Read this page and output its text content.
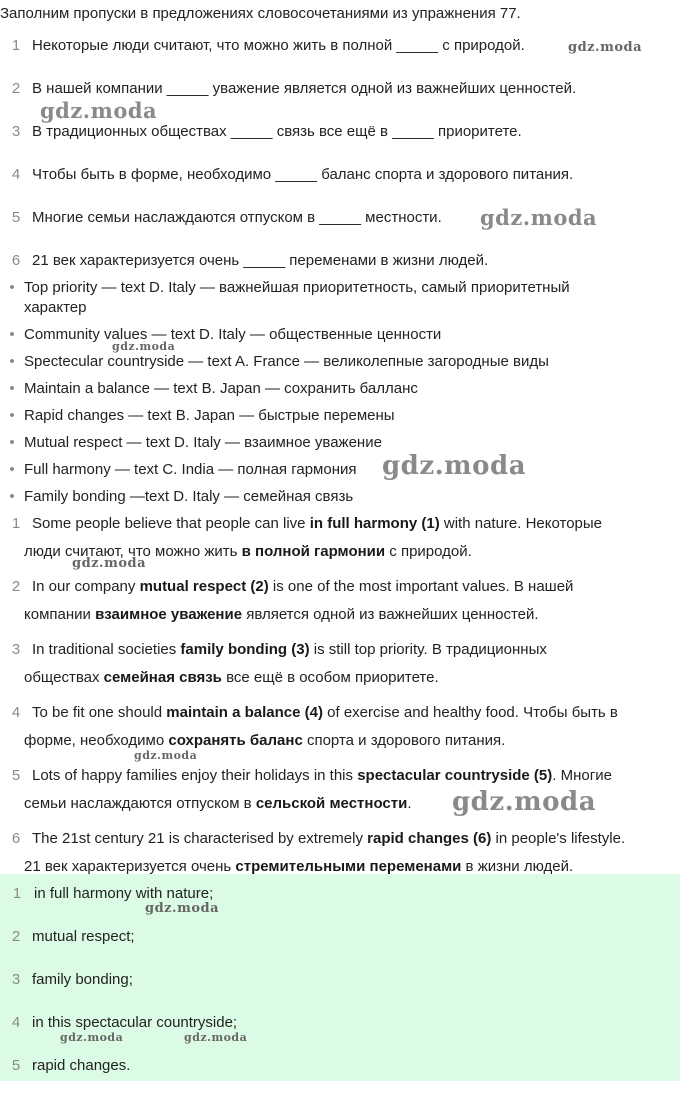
Заполним пропуски в предложениях словосочетаниями из упражнения 77.
1 Некоторые люди считают, что можно жить в полной _____ с природой.
2 В нашей компании _____ уважение является одной из важнейших ценностей.
3 В традиционных обществах _____ связь все ещё в _____ приоритете.
4 Чтобы быть в форме, необходимо _____ баланс спорта и здорового питания.
5 Многие семьи наслаждаются отпуском в _____ местности.
6 21 век характеризуется очень _____ переменами в жизни людей.
• Top priority — text D. Italy — важнейшая приоритетность, самый приоритетный
характер
• Community values — text D. Italy — общественные ценности
• Spectecular countryside — text A. France — великолепные загородные виды
• Maintain a balance — text B. Japan — сохранить балланс
• Rapid changes — text B. Japan — быстрые перемены
• Mutual respect — text D. Italy — взаимное уважение
• Full harmony — text C. India — полная гармония
• Family bonding —text D. Italy — семейная связь
1 Some people believe that people can live in full harmony (1) with nature. Некоторые
люди считают, что можно жить в полной гармонии с природой.
2 In our company mutual respect (2) is one of the most important values. В нашей
компании взаимное уважение является одной из важнейших ценностей.
3 In traditional societies family bonding (3) is still top priority. В традиционных
обществах семейная связь все ещё в особом приоритете.
4 To be fit one should maintain a balance (4) of exercise and healthy food. Чтобы быть в
форме, необходимо сохранять баланс спорта и здорового питания.
5 Lots of happy families enjoy their holidays in this spectacular countryside (5). Многие
семьи наслаждаются отпуском в сельской местности.
6 The 21st century 21 is characterised by extremely rapid changes (6) in people's lifestyle.
21 век характеризуется очень стремительными переменами в жизни людей.
1 in full harmony with nature;
2 mutual respect;
3 family bonding;
4 in this spectacular countryside;
5 rapid changes.
gdz.moda
gdz.moda
gdz.moda
gdz.moda
gdz.moda
gdz.moda
gdz.moda
gdz.moda
gdz.moda
gdz.moda	gdz.moda
